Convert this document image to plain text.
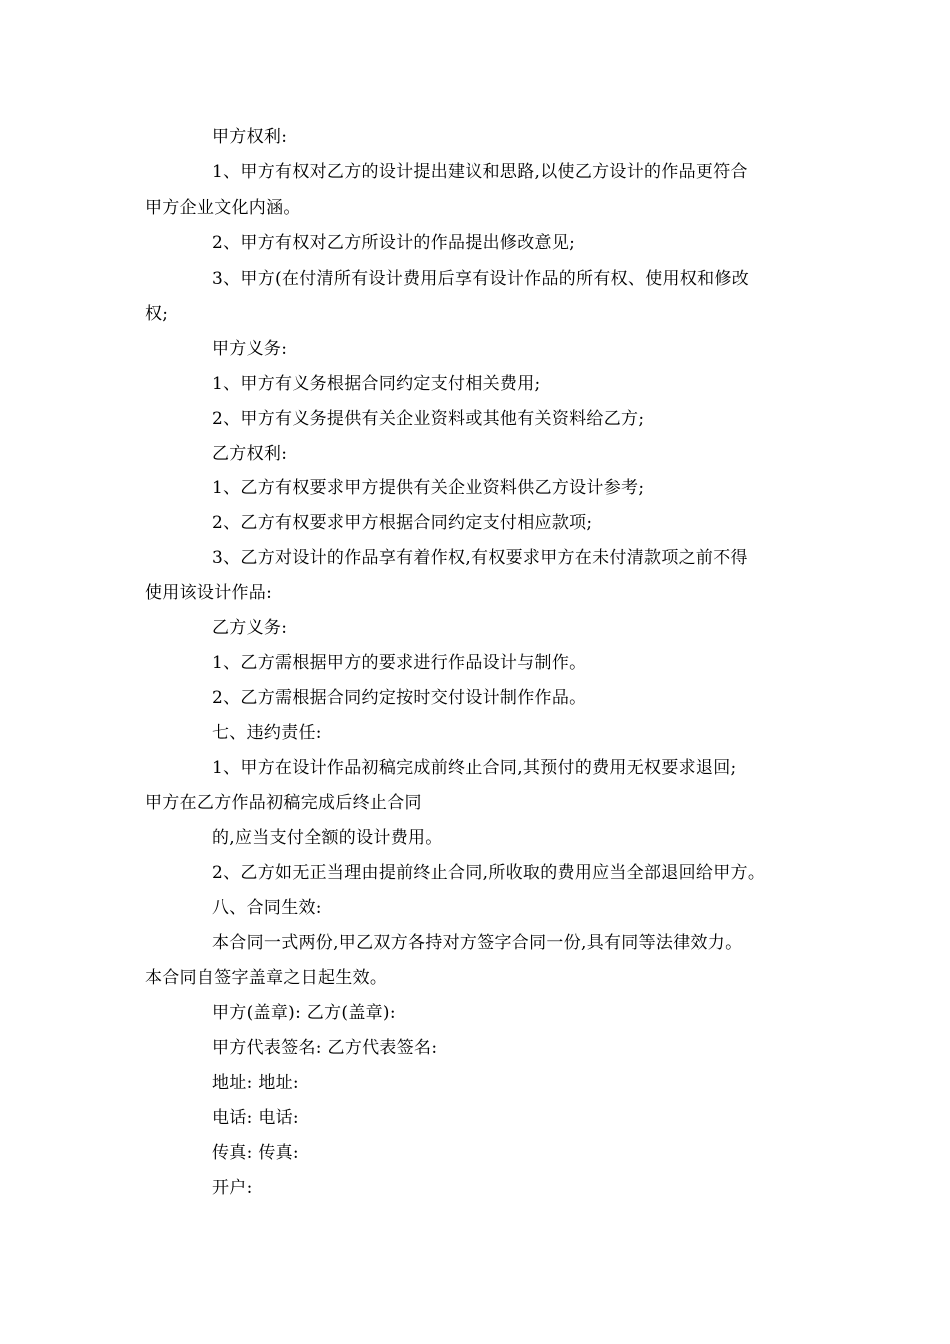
甲方权利:
1、甲方有权对乙方的设计提出建议和思路,以使乙方设计的作品更符合
甲方企业文化内涵。
2、甲方有权对乙方所设计的作品提出修改意见;
3、甲方(在付清所有设计费用后享有设计作品的所有权、使用权和修改
权;
甲方义务:
1、甲方有义务根据合同约定支付相关费用;
2、甲方有义务提供有关企业资料或其他有关资料给乙方;
乙方权利:
1、乙方有权要求甲方提供有关企业资料供乙方设计参考;
2、乙方有权要求甲方根据合同约定支付相应款项;
3、乙方对设计的作品享有着作权,有权要求甲方在未付清款项之前不得
使用该设计作品:
乙方义务:
1、乙方需根据甲方的要求进行作品设计与制作。
2、乙方需根据合同约定按时交付设计制作作品。
七、违约责任:
1、甲方在设计作品初稿完成前终止合同,其预付的费用无权要求退回;
甲方在乙方作品初稿完成后终止合同
的,应当支付全额的设计费用。
2、乙方如无正当理由提前终止合同,所收取的费用应当全部退回给甲方。
八、合同生效:
本合同一式两份,甲乙双方各持对方签字合同一份,具有同等法律效力。
本合同自签字盖章之日起生效。
甲方(盖章): 乙方(盖章):
甲方代表签名: 乙方代表签名:
地址: 地址:
电话: 电话:
传真: 传真:
开户:
